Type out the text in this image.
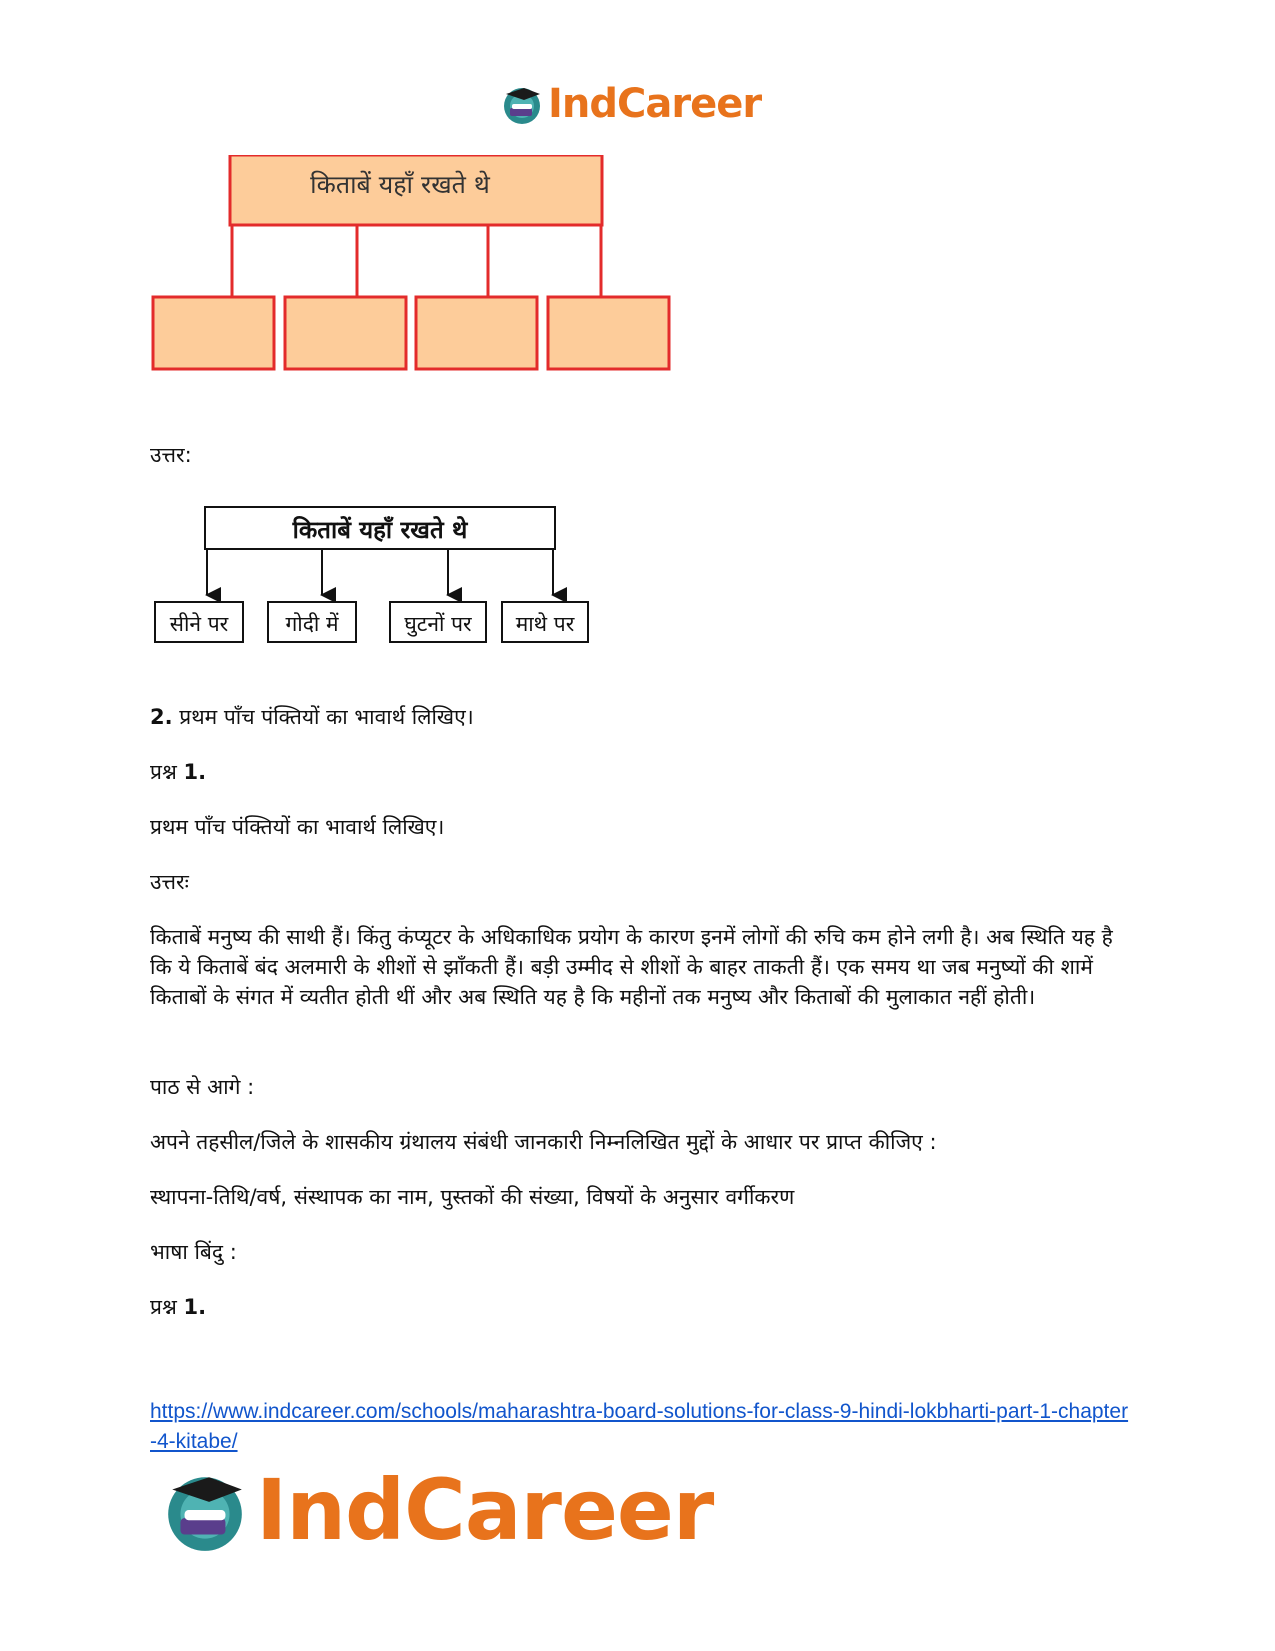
IndCareer
किताबें यहाँ रखते थे

उत्तर:

किताबें यहाँ रखते थे
सीने पर	गोदी में	घुटनों पर माथे पर

2. प्रथम पाँच पंक्तियों का भावार्थ लिखिए।

प्रश्न 1.

प्रथम पाँच पंक्तियों का भावार्थ लिखिए।

उत्तरः

किताबें मनुष्य की साथी हैं। किंतु कंप्यूटर के अधिकाधिक प्रयोग के कारण इनमें लोगों की रुचि कम होने लगी है। अब स्थिति यह है कि ये किताबें बंद अलमारी के शीशों से झाँकती हैं। बड़ी उम्मीद से शीशों के बाहर ताकती हैं। एक समय था जब मनुष्यों की शामें किताबों के संगत में व्यतीत होती थीं और अब स्थिति यह है कि महीनों तक मनुष्य और किताबों की मुलाकात नहीं होती।

पाठ से आगे :

अपने तहसील/जिले के शासकीय ग्रंथालय संबंधी जानकारी निम्नलिखित मुद्दों के आधार पर प्राप्त कीजिए :

स्थापना-तिथि/वर्ष, संस्थापक का नाम, पुस्तकों की संख्या, विषयों के अनुसार वर्गीकरण

भाषा बिंदु :

प्रश्न 1.

https://www.indcareer.com/schools/maharashtra-board-solutions-for-class-9-hindi-lokbharti-part-1-chapter-4-kitabe/
IndCareer
